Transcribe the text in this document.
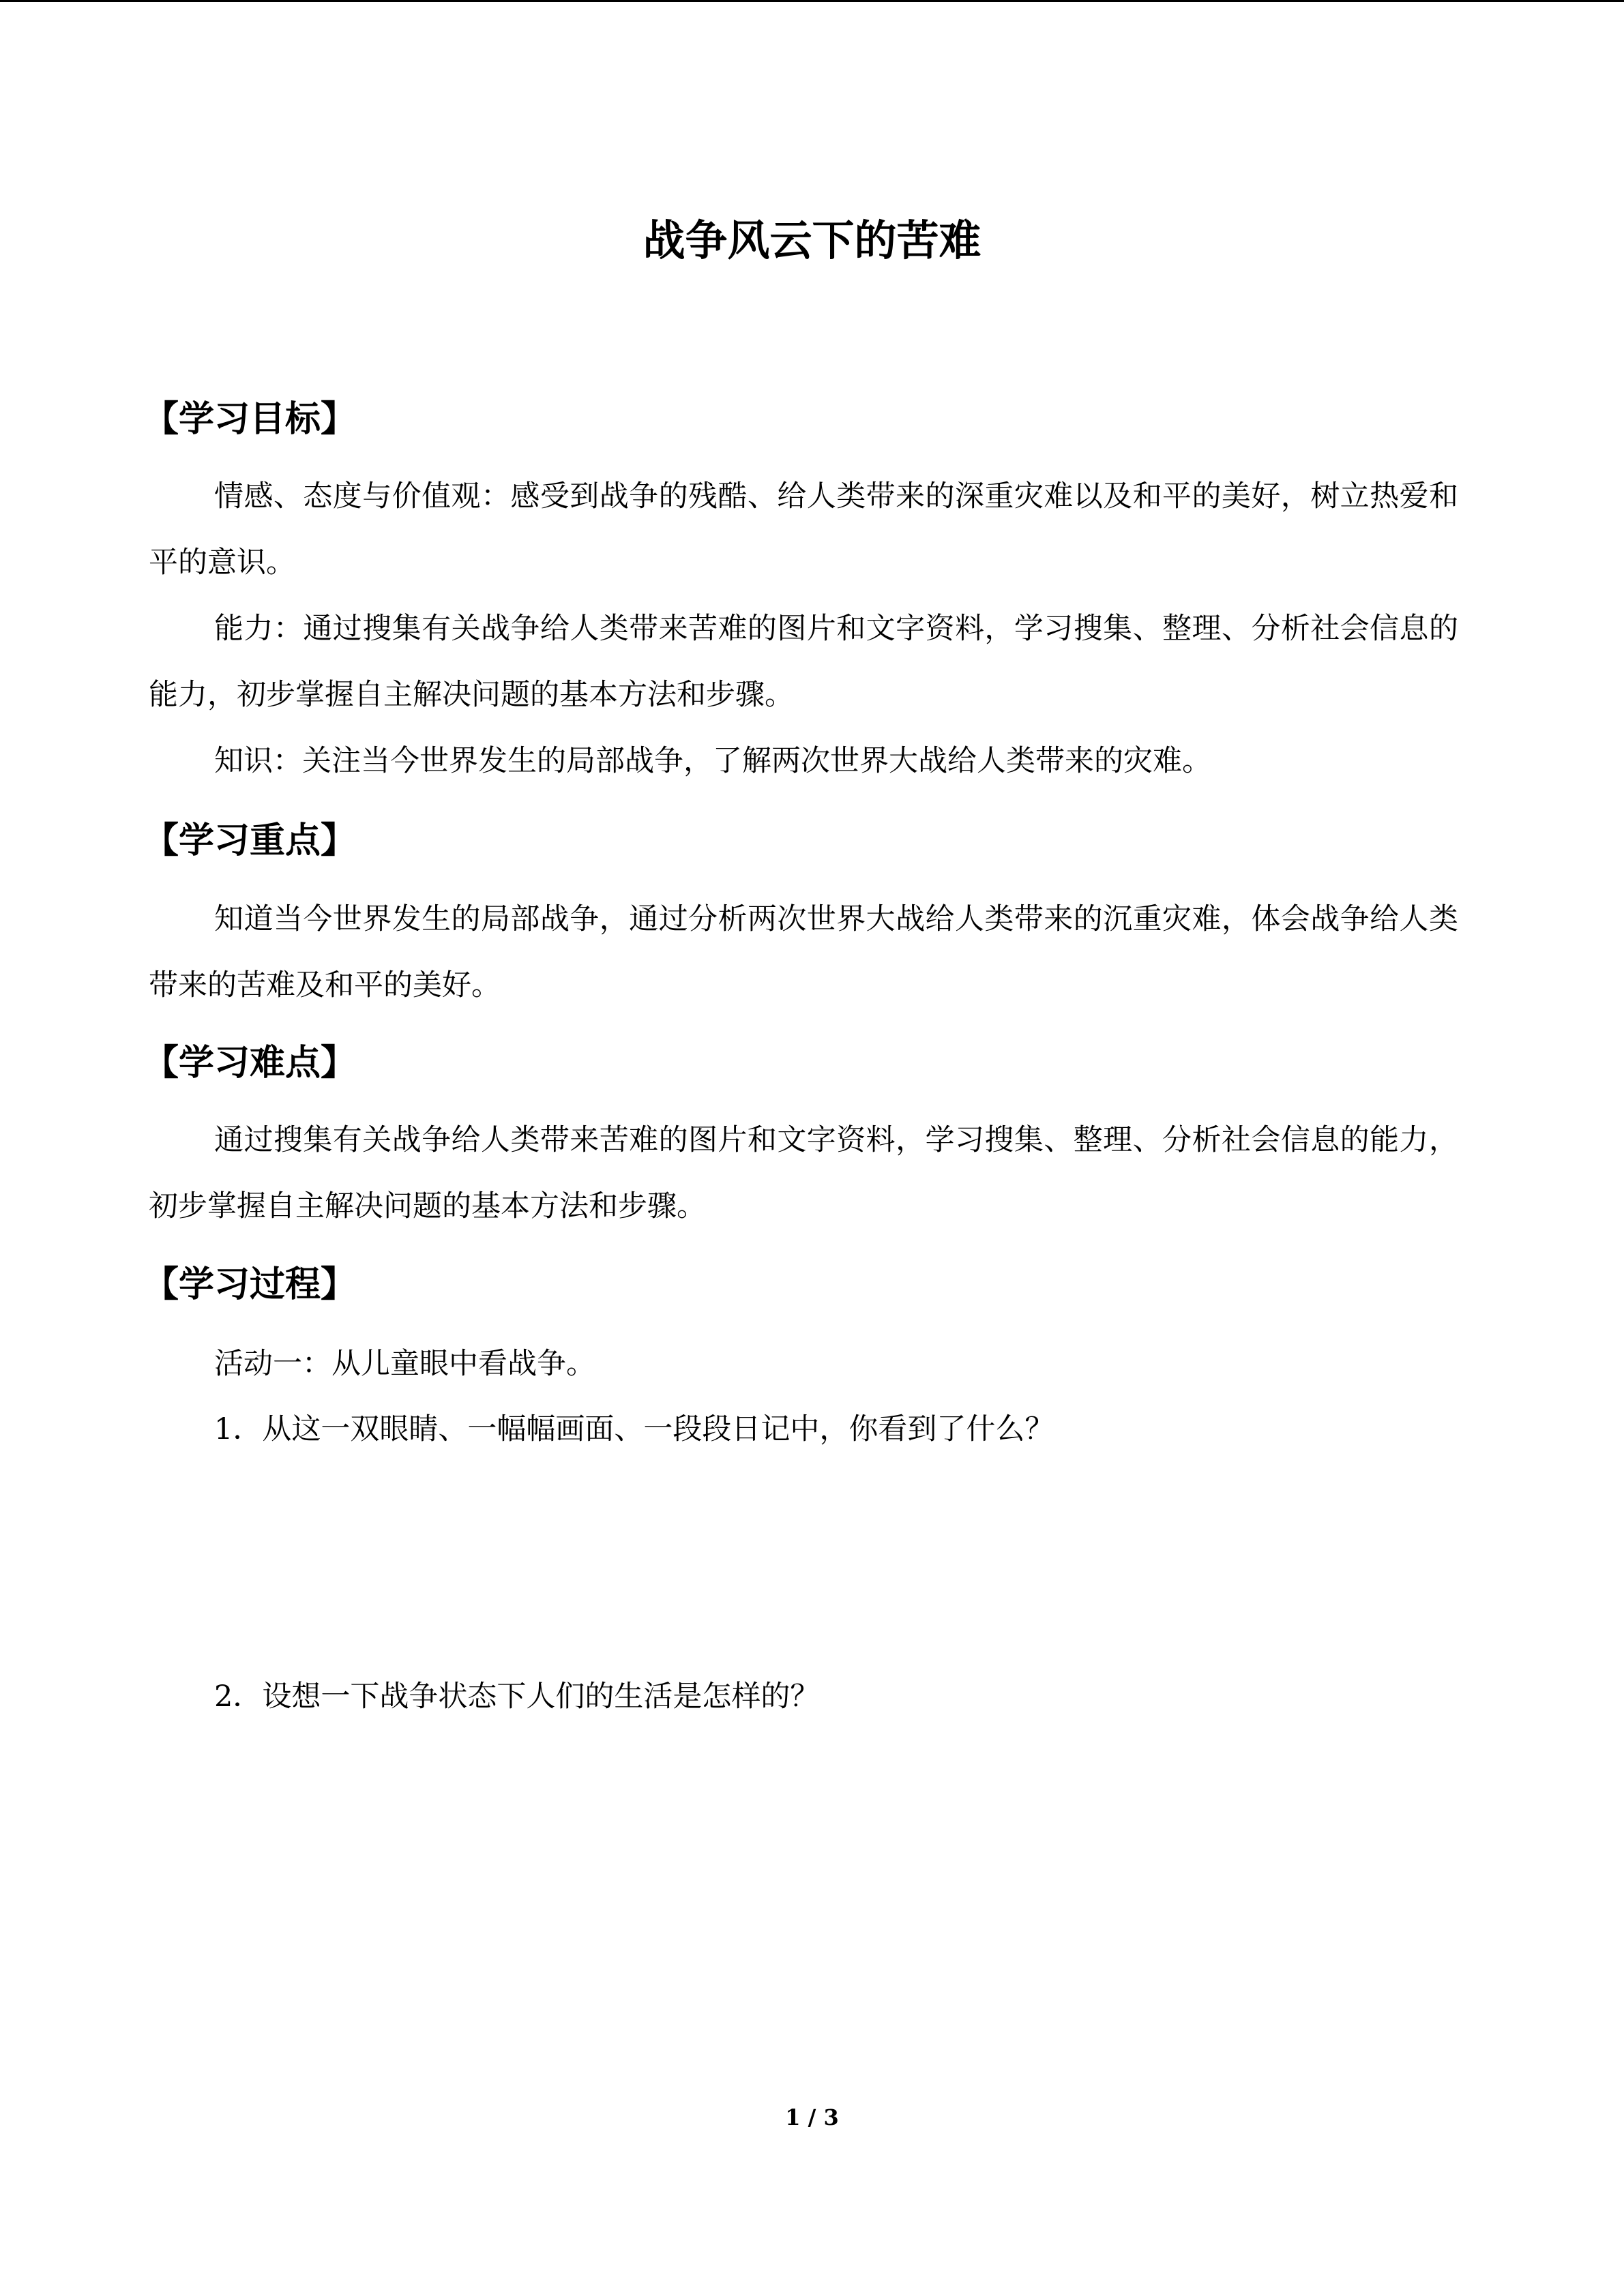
战争风云下的苦难
【学习目标】

情感、态度与价值观：感受到战争的残酷、给人类带来的深重灾难以及和平的美好，树立热爱和平的意识。

能力：通过搜集有关战争给人类带来苦难的图片和文字资料，学习搜集、整理、分析社会信息的能力，初步掌握自主解决问题的基本方法和步骤。

知识：关注当今世界发生的局部战争，了解两次世界大战给人类带来的灾难。

【学习重点】

知道当今世界发生的局部战争，通过分析两次世界大战给人类带来的沉重灾难，体会战争给人类带来的苦难及和平的美好。

【学习难点】

通过搜集有关战争给人类带来苦难的图片和文字资料，学习搜集、整理、分析社会信息的能力，初步掌握自主解决问题的基本方法和步骤。

【学习过程】

活动一：从儿童眼中看战争。

1．从这一双眼睛、一幅幅画面、一段段日记中，你看到了什么？

2．设想一下战争状态下人们的生活是怎样的？

1 / 3
